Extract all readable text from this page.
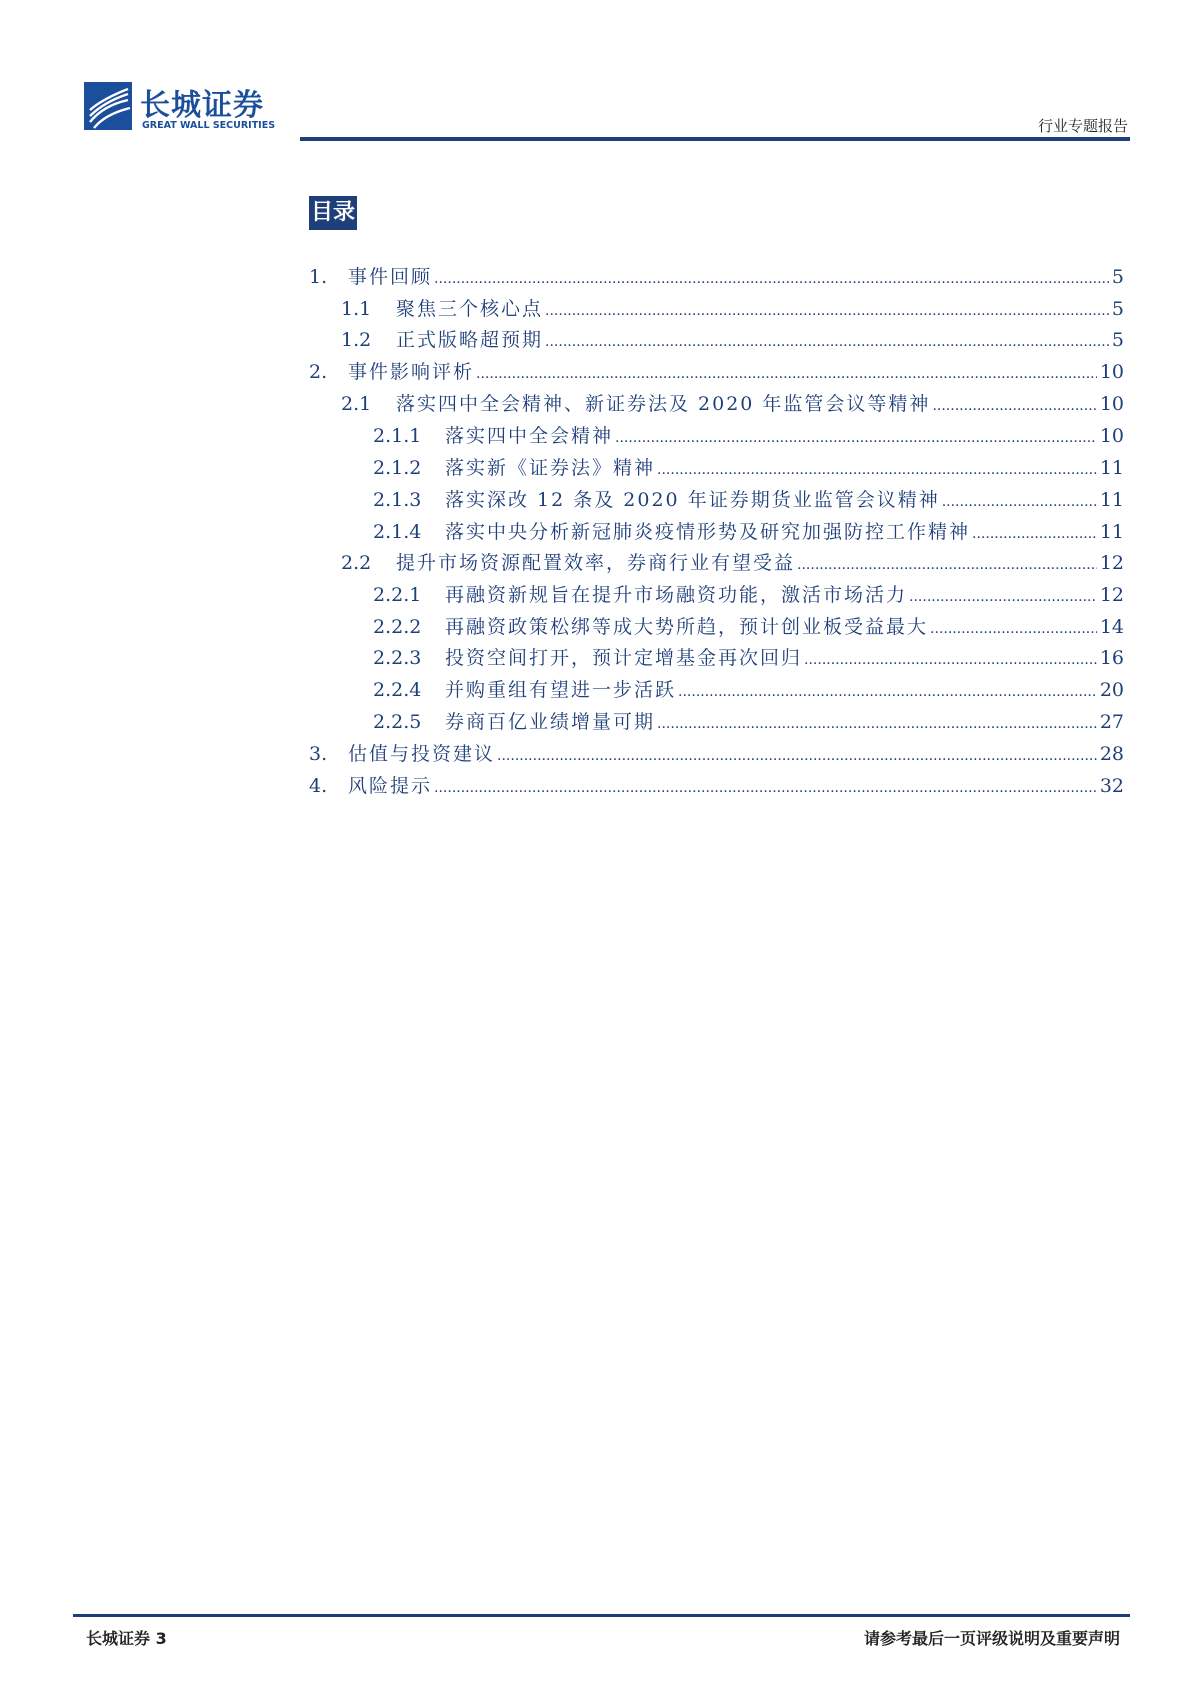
长城证券
GREAT WALL SECURITIES	行业专题报告
目录
1.	事件回顾 .....	5
1.1	聚焦三个核心点 .....	5
1.2	正式版略超预期 .....	5
2.	事件影响评析 .....	10
2.1	落实四中全会精神、新证券法及 2020 年监管会议等精神 .....	10
2.1.1	落实四中全会精神 .....	10
2.1.2	落实新《证券法》精神 .....	11
2.1.3	落实深改 12 条及 2020 年证券期货业监管会议精神 .....	11
2.1.4	落实中央分析新冠肺炎疫情形势及研究加强防控工作精神 .....	11
2.2	提升市场资源配置效率，券商行业有望受益 .....	12
2.2.1	再融资新规旨在提升市场融资功能，激活市场活力 .....	12
2.2.2	再融资政策松绑等成大势所趋，预计创业板受益最大 .....	14
2.2.3	投资空间打开，预计定增基金再次回归 .....	16
2.2.4	并购重组有望进一步活跃 .....	20
2.2.5	券商百亿业绩增量可期 .....	27
3.	估值与投资建议 .....	28
4.	风险提示 .....	32
长城证券 3	请参考最后一页评级说明及重要声明
